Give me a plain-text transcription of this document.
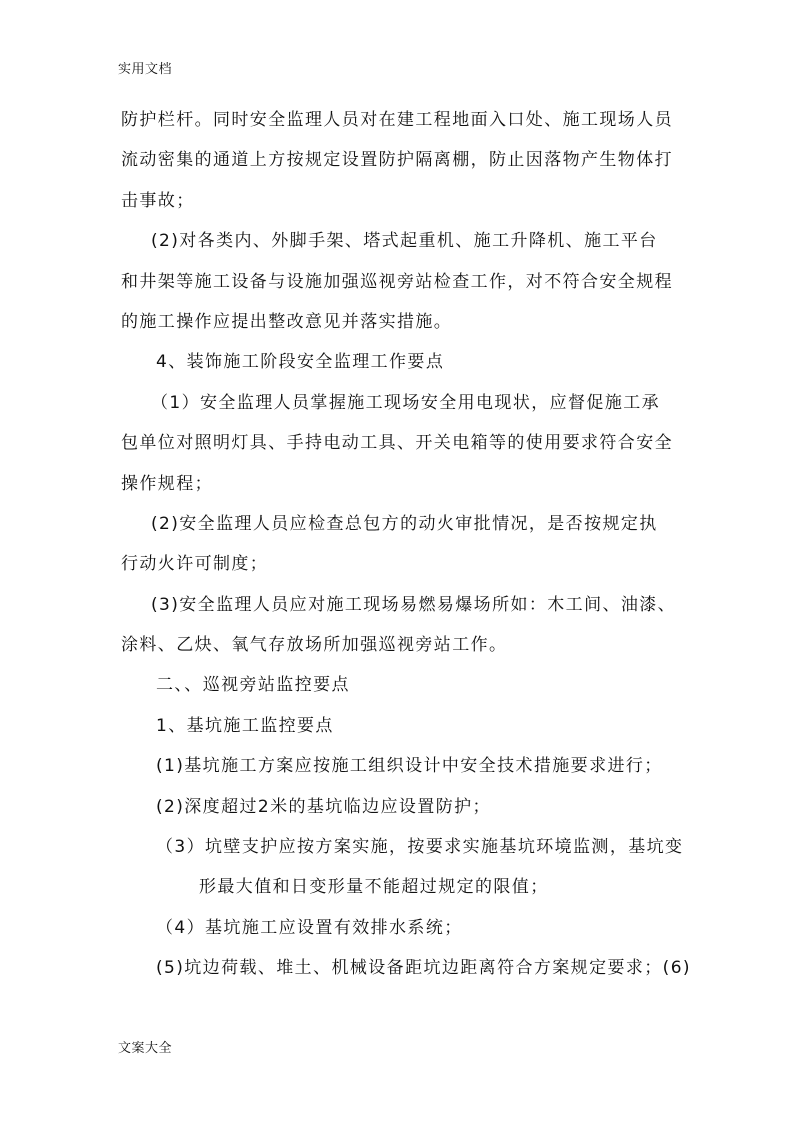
实用文档
防护栏杆。同时安全监理人员对在建工程地面入口处、施工现场人员
流动密集的通道上方按规定设置防护隔离棚，防止因落物产生物体打
击事故；
(2)对各类内、外脚手架、塔式起重机、施工升降机、施工平台
和井架等施工设备与设施加强巡视旁站检查工作，对不符合安全规程
的施工操作应提出整改意见并落实措施。
4、装饰施工阶段安全监理工作要点
（1）安全监理人员掌握施工现场安全用电现状，应督促施工承
包单位对照明灯具、手持电动工具、开关电箱等的使用要求符合安全
操作规程；
(2)安全监理人员应检查总包方的动火审批情况，是否按规定执
行动火许可制度；
(3)安全监理人员应对施工现场易燃易爆场所如：木工间、油漆、
涂料、乙炔、氧气存放场所加强巡视旁站工作。
二、、巡视旁站监控要点
1、基坑施工监控要点
(1)基坑施工方案应按施工组织设计中安全技术措施要求进行；
(2)深度超过2米的基坑临边应设置防护；
（3）坑壁支护应按方案实施，按要求实施基坑环境监测，基坑变
形最大值和日变形量不能超过规定的限值；
（4）基坑施工应设置有效排水系统；
(5)坑边荷载、堆土、机械设备距坑边距离符合方案规定要求；(6)
文案大全
